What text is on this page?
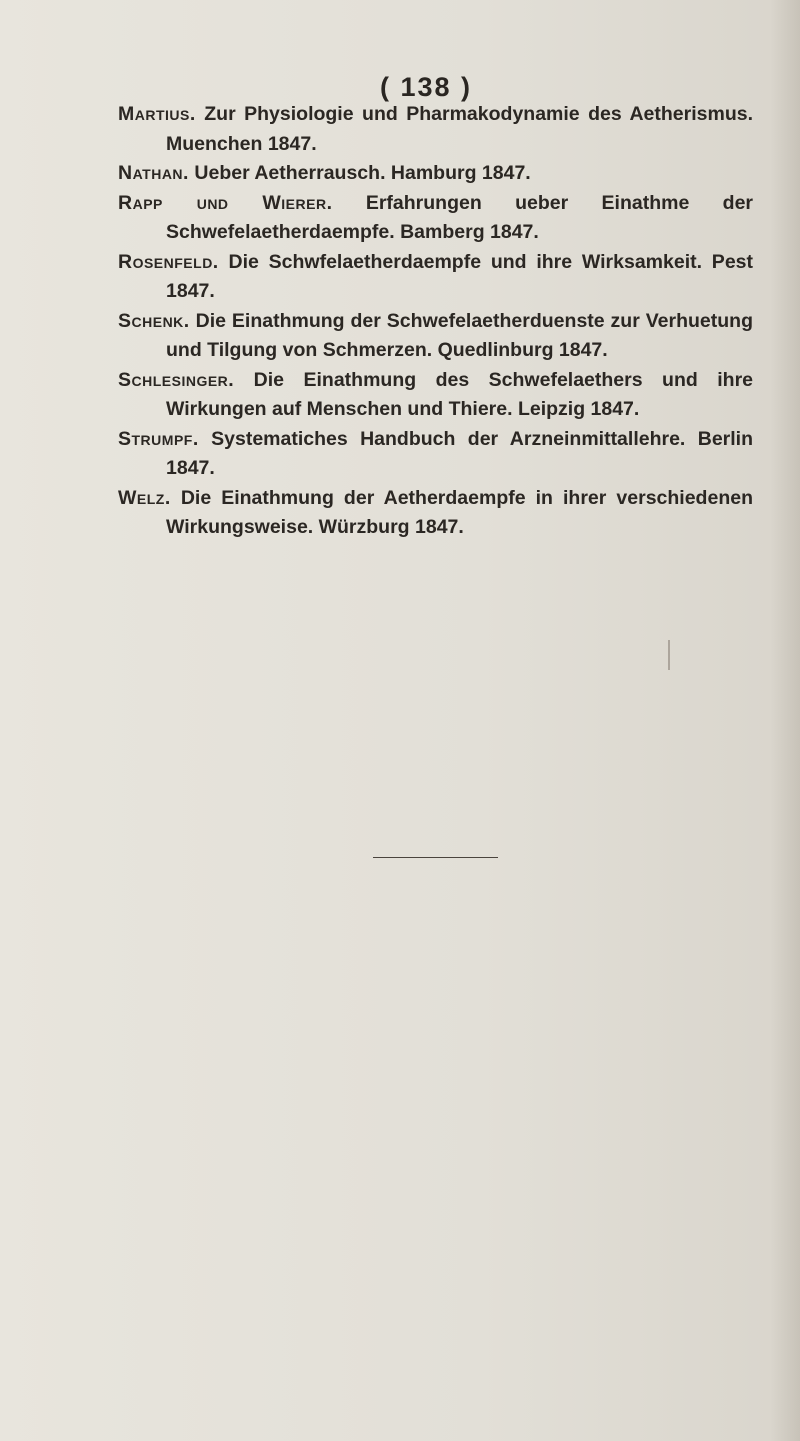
( 138 )

Martius. Zur Physiologie und Pharmakodynamie des Aetherismus. Muenchen 1847.

Nathan. Ueber Aetherrausch. Hamburg 1847.

Rapp und Wierer. Erfahrungen ueber Einathme der Schwefelaetherdaempfe. Bamberg 1847.

Rosenfeld. Die Schwfelaetherdaempfe und ihre Wirksamkeit. Pest 1847.

Schenk. Die Einathmung der Schwefelaetherduenste zur Verhuetung und Tilgung von Schmerzen. Quedlinburg 1847.

Schlesinger. Die Einathmung des Schwefelaethers und ihre Wirkungen auf Menschen und Thiere. Leipzig 1847.

Strumpf. Systematiches Handbuch der Arzneinmittallehre. Berlin 1847.

Welz. Die Einathmung der Aetherdaempfe in ihrer verschiedenen Wirkungsweise. Würzburg 1847.
